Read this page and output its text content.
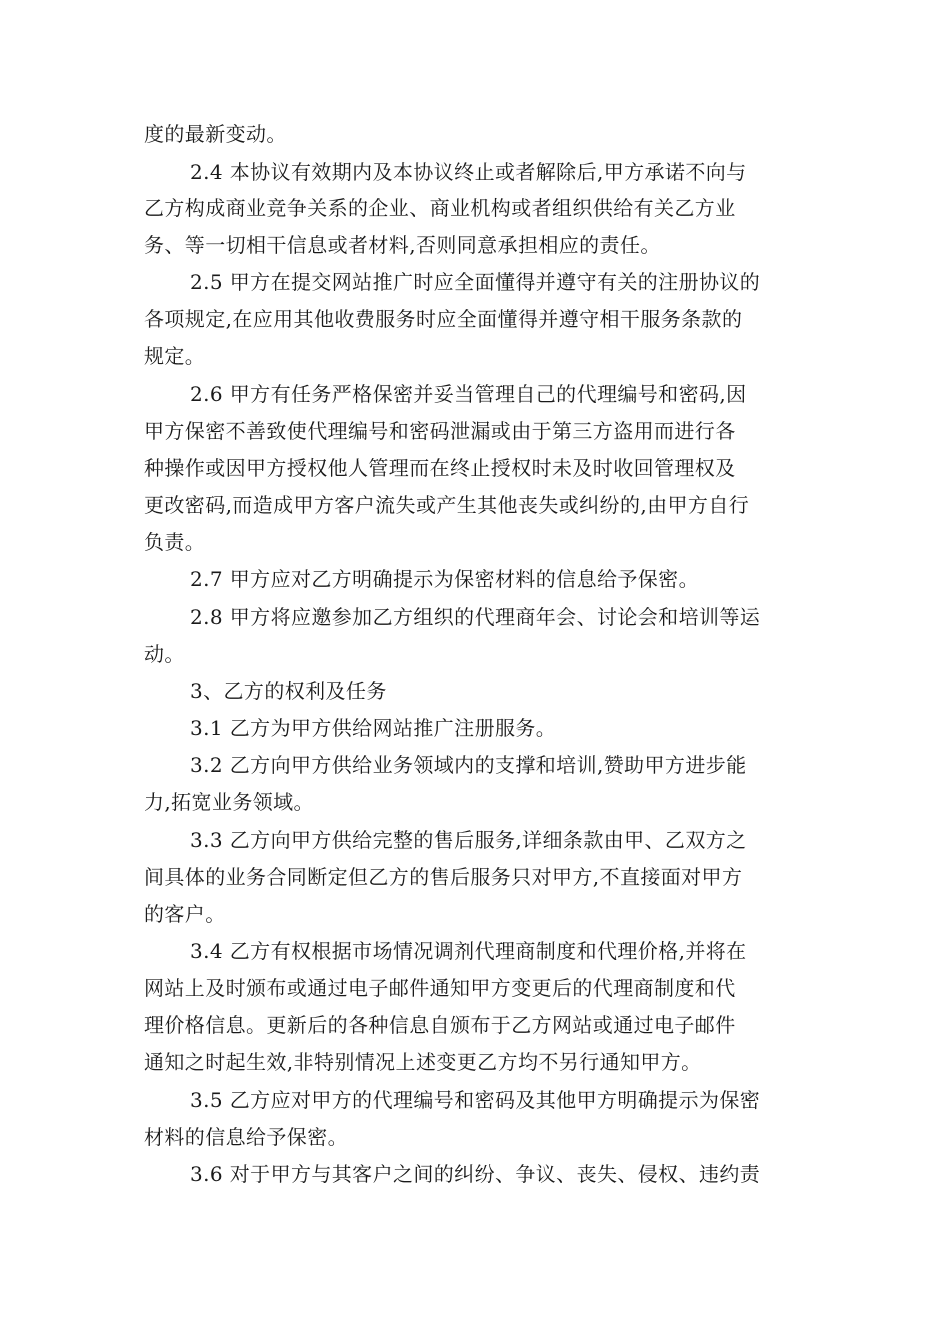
度的最新变动。
2.4 本协议有效期内及本协议终止或者解除后,甲方承诺不向与
乙方构成商业竞争关系的企业、商业机构或者组织供给有关乙方业
务、等一切相干信息或者材料,否则同意承担相应的责任。
2.5 甲方在提交网站推广时应全面懂得并遵守有关的注册协议的
各项规定,在应用其他收费服务时应全面懂得并遵守相干服务条款的
规定。
2.6 甲方有任务严格保密并妥当管理自己的代理编号和密码,因
甲方保密不善致使代理编号和密码泄漏或由于第三方盗用而进行各
种操作或因甲方授权他人管理而在终止授权时未及时收回管理权及
更改密码,而造成甲方客户流失或产生其他丧失或纠纷的,由甲方自行
负责。
2.7 甲方应对乙方明确提示为保密材料的信息给予保密。
2.8 甲方将应邀参加乙方组织的代理商年会、讨论会和培训等运
动。
3、乙方的权利及任务
3.1 乙方为甲方供给网站推广注册服务。
3.2 乙方向甲方供给业务领域内的支撑和培训,赞助甲方进步能
力,拓宽业务领域。
3.3 乙方向甲方供给完整的售后服务,详细条款由甲、乙双方之
间具体的业务合同断定但乙方的售后服务只对甲方,不直接面对甲方
的客户。
3.4 乙方有权根据市场情况调剂代理商制度和代理价格,并将在
网站上及时颁布或通过电子邮件通知甲方变更后的代理商制度和代
理价格信息。更新后的各种信息自颁布于乙方网站或通过电子邮件
通知之时起生效,非特别情况上述变更乙方均不另行通知甲方。
3.5 乙方应对甲方的代理编号和密码及其他甲方明确提示为保密
材料的信息给予保密。
3.6 对于甲方与其客户之间的纠纷、争议、丧失、侵权、违约责
